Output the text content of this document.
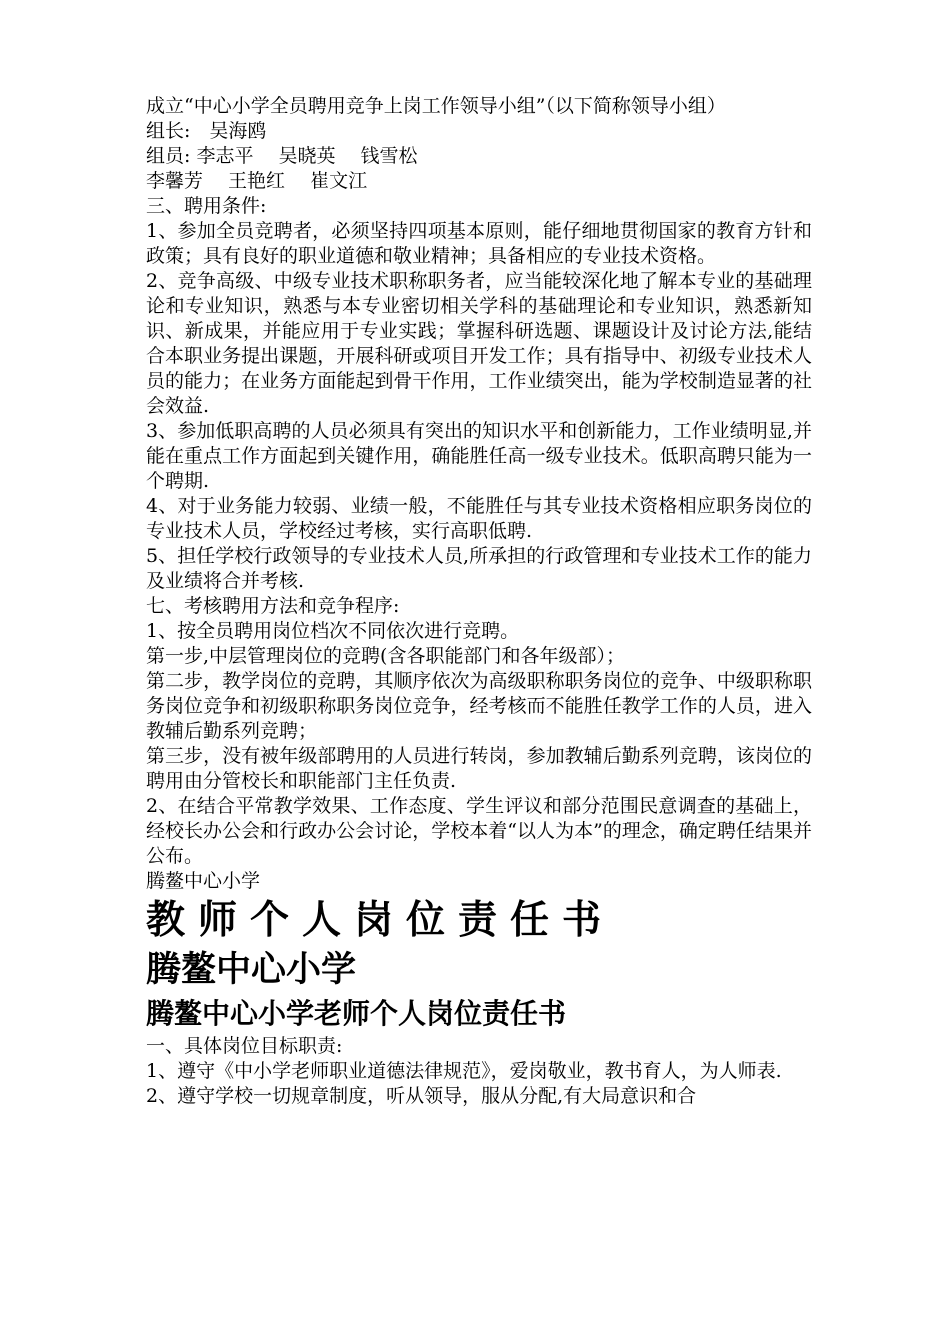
成立“中心小学全员聘用竞争上岗工作领导小组”（以下简称领导小组）

组长:　吴海鸥

组员: 李志平　 吴晓英　 钱雪松

李馨芳　 王艳红　 崔文江

三、聘用条件:

1、参加全员竞聘者，必须坚持四项基本原则，能仔细地贯彻国家的教育方针和政策；具有良好的职业道德和敬业精神；具备相应的专业技术资格。

2、竞争高级、中级专业技术职称职务者，应当能较深化地了解本专业的基础理论和专业知识，熟悉与本专业密切相关学科的基础理论和专业知识，熟悉新知识、新成果，并能应用于专业实践；掌握科研选题、课题设计及讨论方法,能结合本职业务提出课题，开展科研或项目开发工作；具有指导中、初级专业技术人员的能力；在业务方面能起到骨干作用，工作业绩突出，能为学校制造显著的社会效益.

3、参加低职高聘的人员必须具有突出的知识水平和创新能力，工作业绩明显,并能在重点工作方面起到关键作用，确能胜任高一级专业技术。低职高聘只能为一个聘期.

4、对于业务能力较弱、业绩一般，不能胜任与其专业技术资格相应职务岗位的专业技术人员，学校经过考核，实行高职低聘.

5、担任学校行政领导的专业技术人员,所承担的行政管理和专业技术工作的能力及业绩将合并考核.

七、考核聘用方法和竞争程序:

1、按全员聘用岗位档次不同依次进行竞聘。

第一步,中层管理岗位的竞聘(含各职能部门和各年级部）；

第二步，教学岗位的竞聘，其顺序依次为高级职称职务岗位的竞争、中级职称职务岗位竞争和初级职称职务岗位竞争，经考核而不能胜任教学工作的人员，进入教辅后勤系列竞聘；

第三步，没有被年级部聘用的人员进行转岗，参加教辅后勤系列竞聘，该岗位的聘用由分管校长和职能部门主任负责.

2、在结合平常教学效果、工作态度、学生评议和部分范围民意调查的基础上，经校长办公会和行政办公会讨论，学校本着“以人为本”的理念，确定聘任结果并公布。

腾鳌中心小学

教师个人岗位责任书

腾鳌中心小学

腾鳌中心小学老师个人岗位责任书

一、具体岗位目标职责:

1、遵守《中小学老师职业道德法律规范》，爱岗敬业，教书育人，为人师表.

2、遵守学校一切规章制度，听从领导，服从分配,有大局意识和合
